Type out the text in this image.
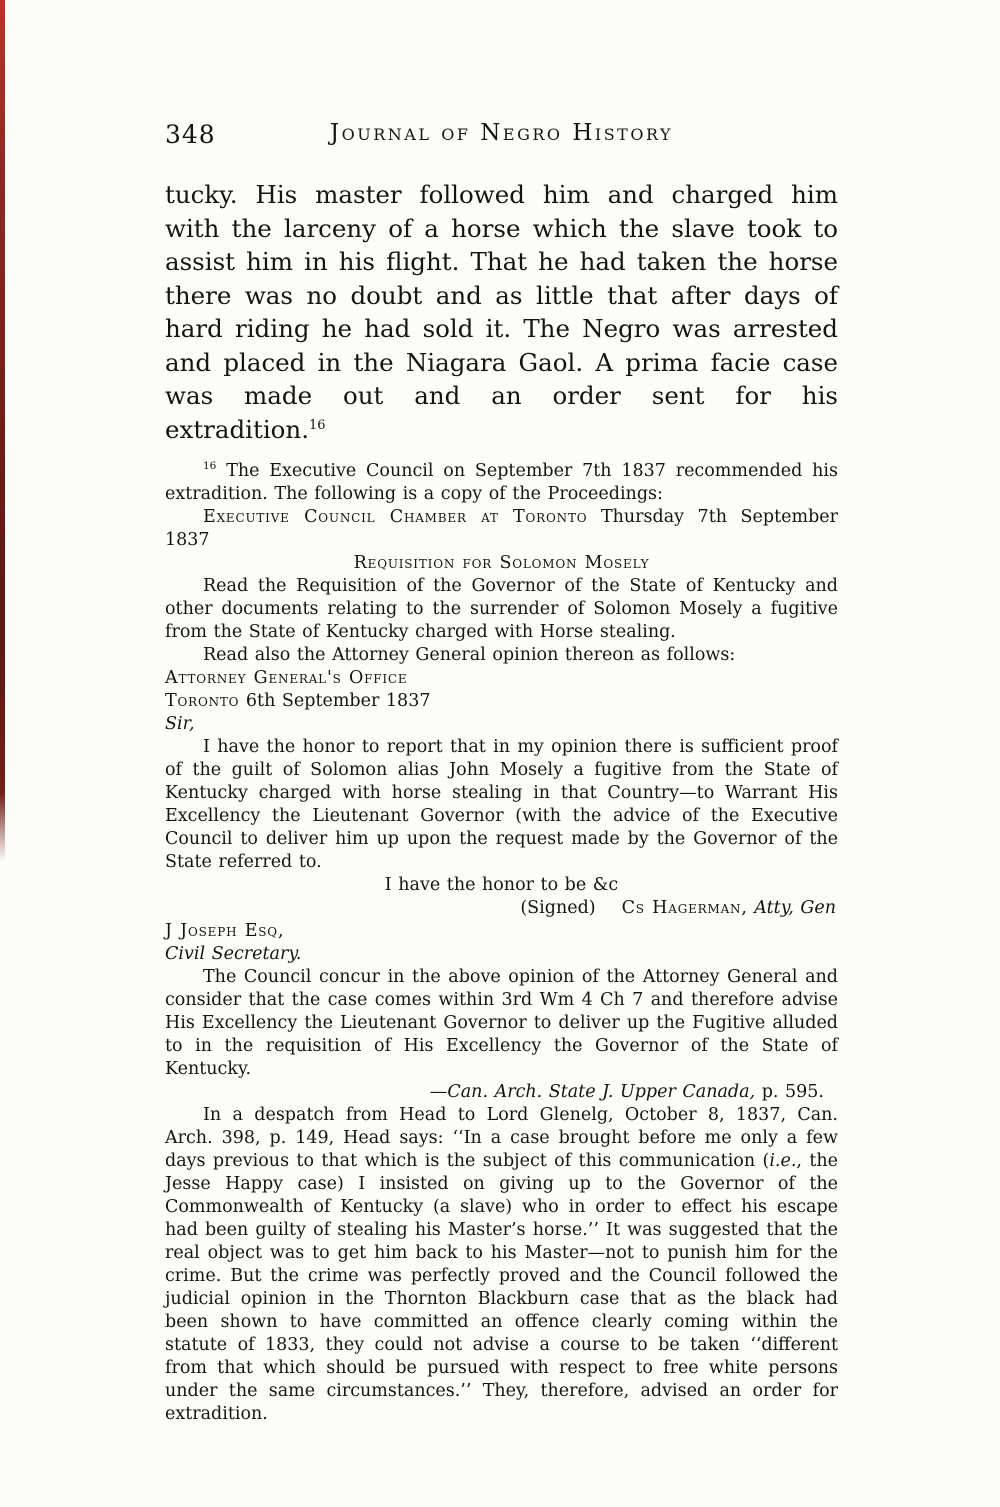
348	Journal of Negro History

tucky. His master followed him and charged him with the larceny of a horse which the slave took to assist him in his flight. That he had taken the horse there was no doubt and as little that after days of hard riding he had sold it. The Negro was arrested and placed in the Niagara Gaol. A prima facie case was made out and an order sent for his extradition.$^{16}$

$^{16}$ The Executive Council on September 7th 1837 recommended his extradition. The following is a copy of the Proceedings:

Executive Council Chamber at Toronto Thursday 7th September 1837

Requisition for Solomon Mosely

Read the Requisition of the Governor of the State of Kentucky and other documents relating to the surrender of Solomon Mosely a fugitive from the State of Kentucky charged with Horse stealing.

Read also the Attorney General opinion thereon as follows:

Attorney General's Office

Toronto 6th September 1837

Sir,

I have the honor to report that in my opinion there is sufficient proof of the guilt of Solomon alias John Mosely a fugitive from the State of Kentucky charged with horse stealing in that Country—to Warrant His Excellency the Lieutenant Governor (with the advice of the Executive Council to deliver him up upon the request made by the Governor of the State referred to.

I have the honor to be &c

(Signed) Cs Hagerman, Atty, Gen

J Joseph Esq,

Civil Secretary.

The Council concur in the above opinion of the Attorney General and consider that the case comes within 3rd Wm 4 Ch 7 and therefore advise His Excellency the Lieutenant Governor to deliver up the Fugitive alluded to in the requisition of His Excellency the Governor of the State of Kentucky.

—Can. Arch. State J. Upper Canada, p. 595.

In a despatch from Head to Lord Glenelg, October 8, 1837, Can. Arch. 398, p. 149, Head says: ‘‘In a case brought before me only a few days previous to that which is the subject of this communication (i.e., the Jesse Happy case) I insisted on giving up to the Governor of the Commonwealth of Kentucky (a slave) who in order to effect his escape had been guilty of stealing his Master’s horse.’’ It was suggested that the real object was to get him back to his Master—not to punish him for the crime. But the crime was perfectly proved and the Council followed the judicial opinion in the Thornton Blackburn case that as the black had been shown to have committed an offence clearly coming within the statute of 1833, they could not advise a course to be taken ‘‘different from that which should be pursued with respect to free white persons under the same circumstances.’’ They, therefore, advised an order for extradition.
